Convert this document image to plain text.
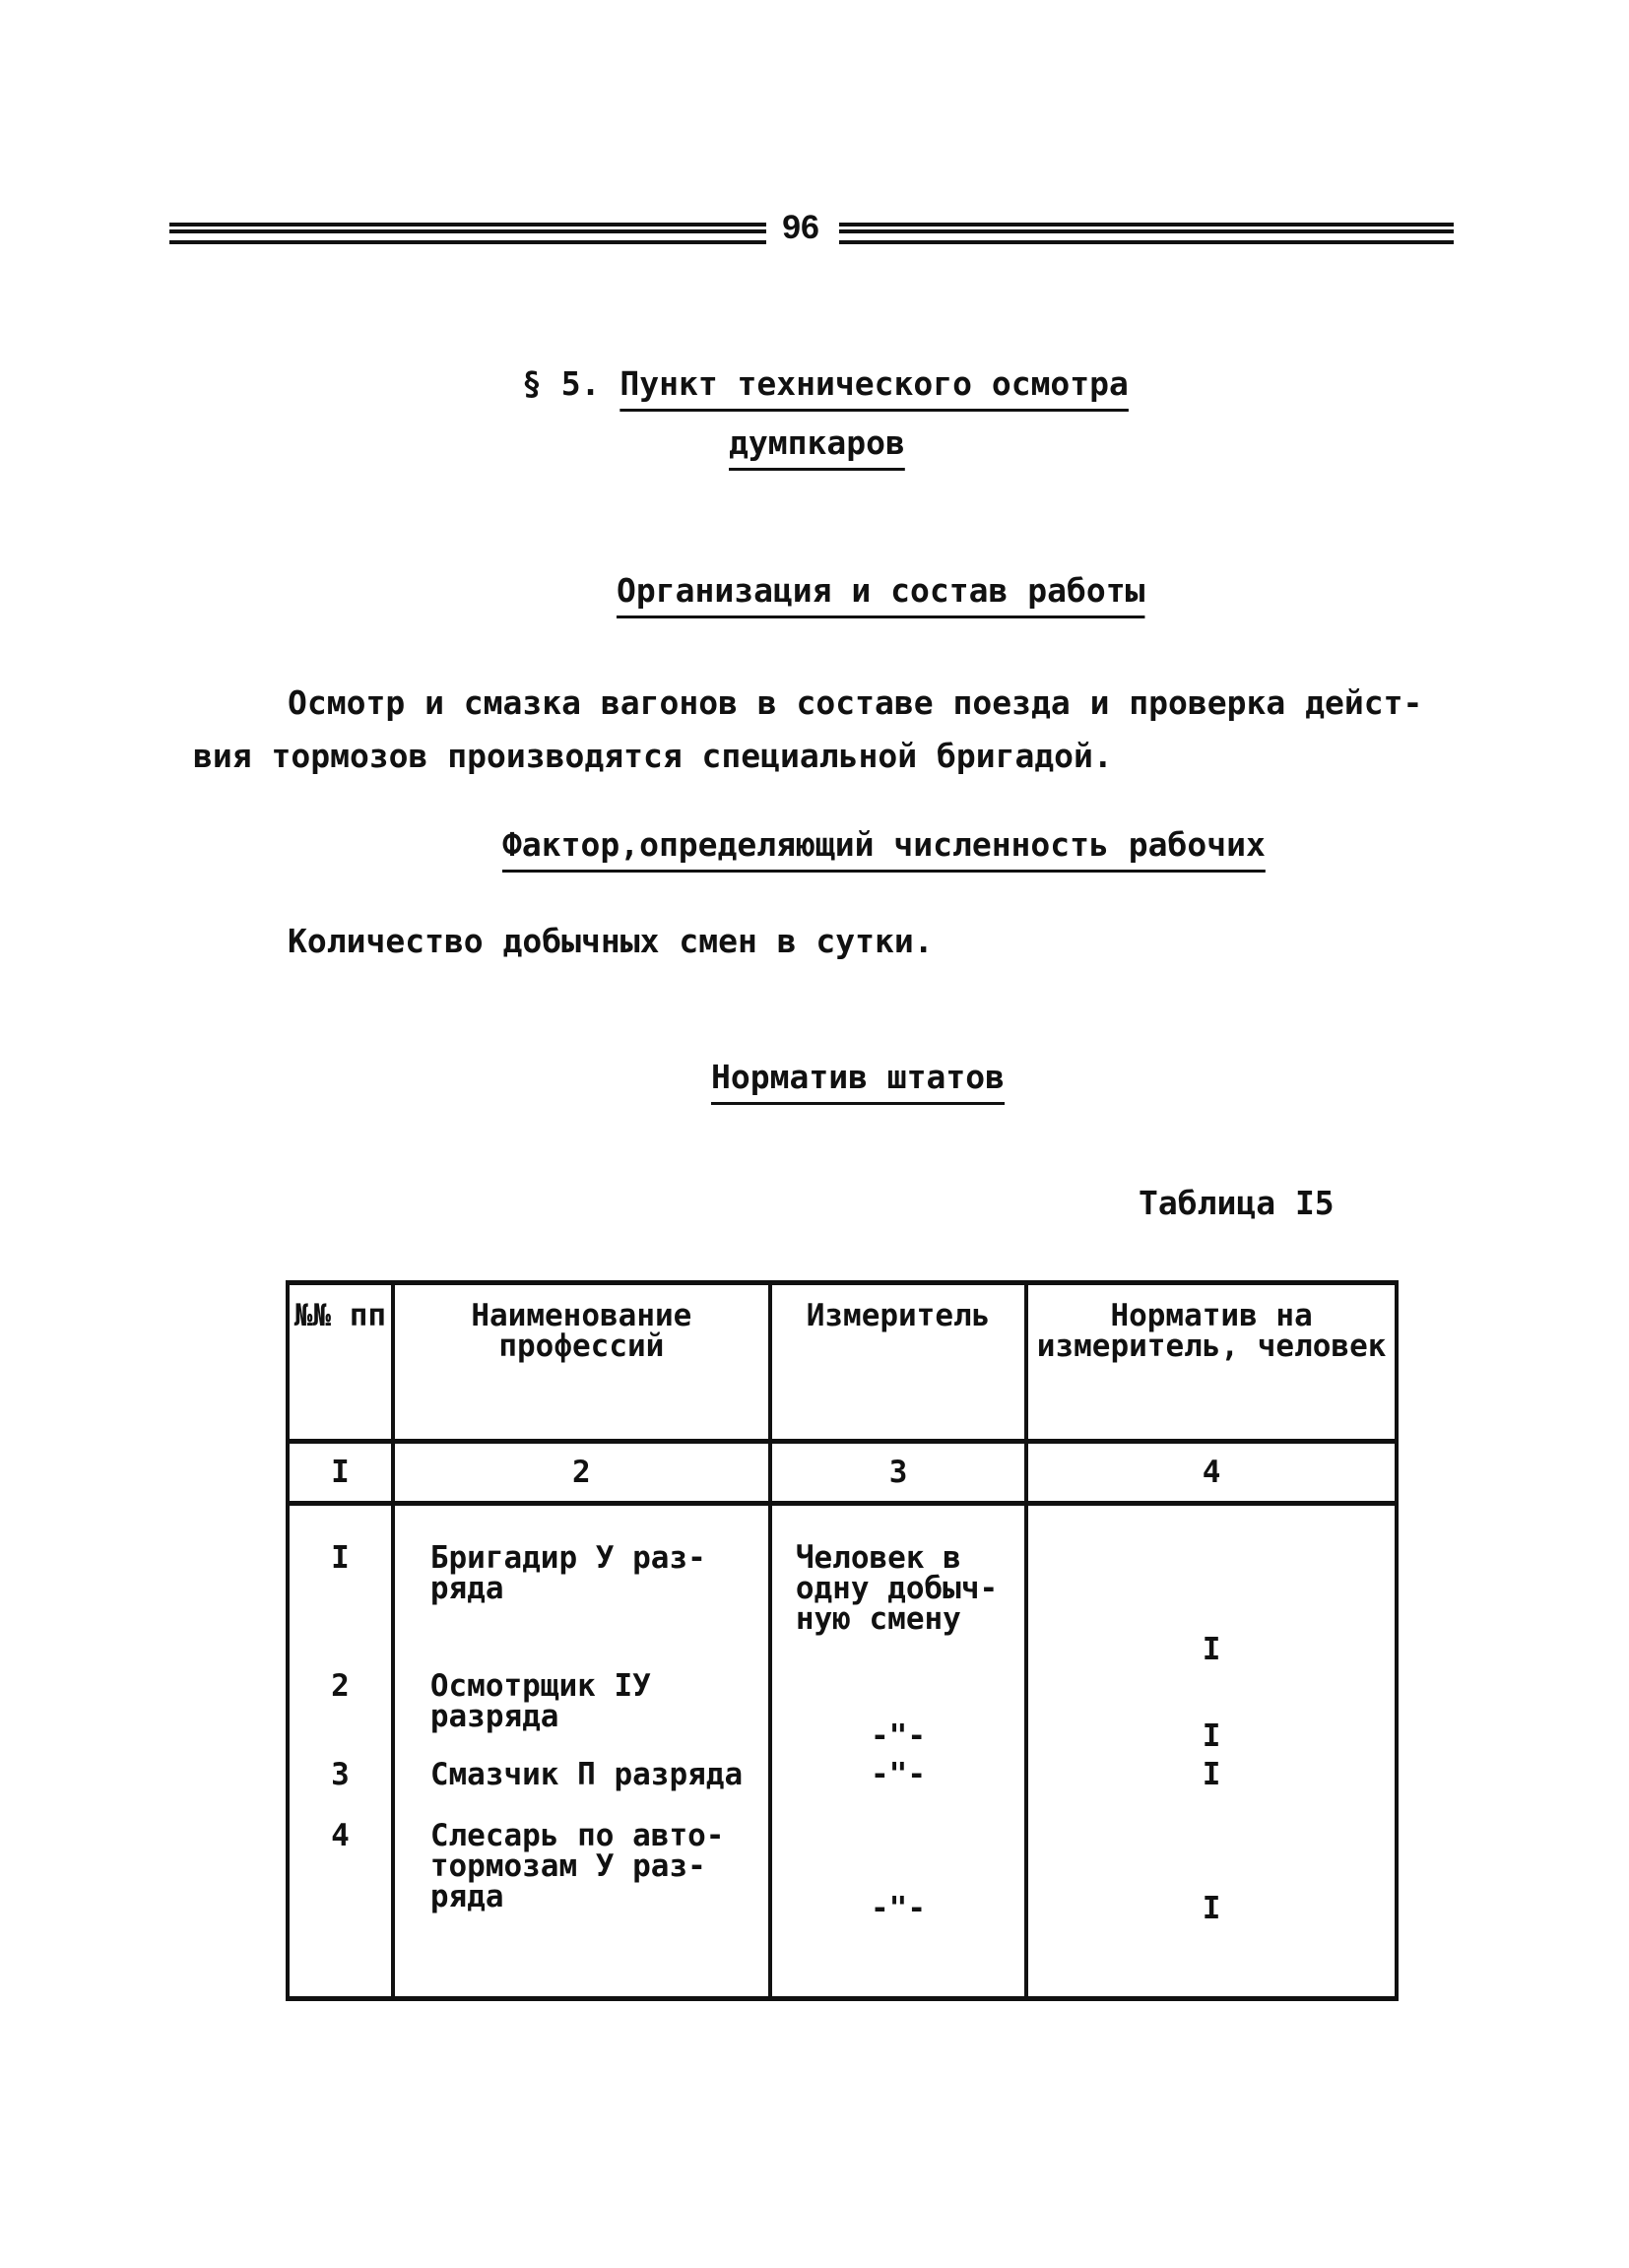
96
§ 5. Пункт технического осмотра
думпкаров
Организация и состав работы
Осмотр и смазка вагонов в составе поезда и проверка дейст-
вия тормозов производятся специальной бригадой.
Фактор,определяющий численность рабочих
Количество добычных смен в сутки.
Норматив штатов
Таблица I5
№№ пп	Наименование профессий	Измеритель	Норматив на измеритель, человек
I	2	3	4

I	Бригадир У раз- ряда	Человек в одну добыч- ную смену	I
2	Осмотрщик IУ разряда	-"-	I
3	Смазчик П разряда	-"-	I
4	Слесарь по авто- тормозам У раз- ряда	-"-	I
